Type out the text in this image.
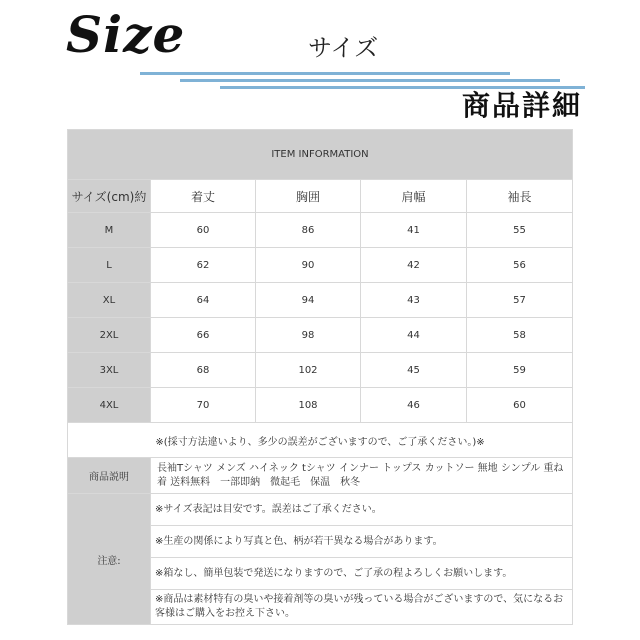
Size	サイズ
商品詳細
ITEM INFORMATION				
サイズ(cm)約	着丈	胸囲	肩幅	袖長
M	60	86	41	55
L	62	90	42	56
XL	64	94	43	57
2XL	66	98	44	58
3XL	68	102	45	59
4XL	70	108	46	60
※(採寸方法違いより、多少の誤差がございますので、ご了承ください。)※				
商品説明	長袖Tシャツ メンズ ハイネック tシャツ インナー トップス カットソー 無地 シンプル 重ね着 送料無料　一部即納　微起毛　保温　秋冬			
注意:	※サイズ表記は目安です。誤差はご了承ください。			
	※生産の関係により写真と色、柄が若干異なる場合があります。			
	※箱なし、簡単包装で発送になりますので、ご了承の程よろしくお願いします。			
	※商品は素材特有の臭いや接着剤等の臭いが残っている場合がございますので、気になるお客様はご購入をお控え下さい。			
